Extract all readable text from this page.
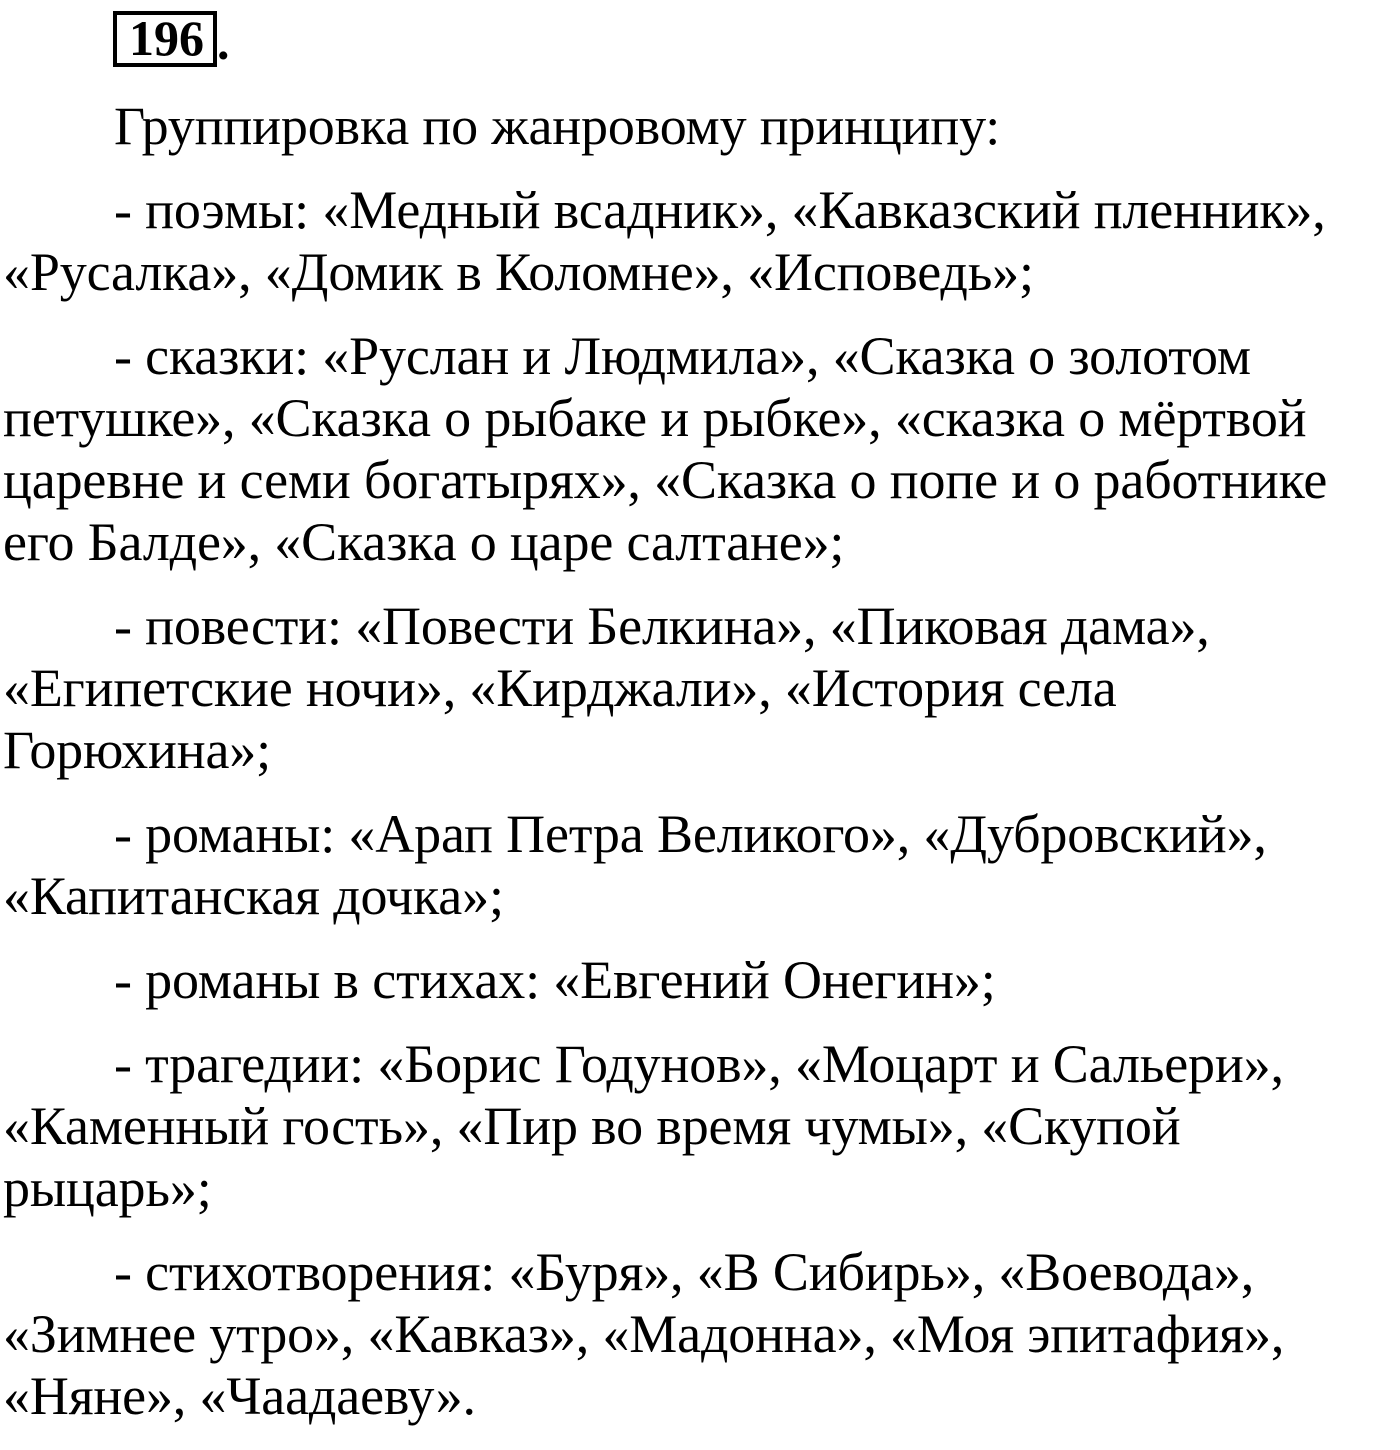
196 .

Группировка по жанровому принципу:

- поэмы: «Медный всадник», «Кавказский пленник»,
«Русалка», «Домик в Коломне», «Исповедь»;
- сказки: «Руслан и Людмила», «Сказка о золотом
петушке», «Сказка о рыбаке и рыбке», «сказка о мёртвой
царевне и семи богатырях», «Сказка о попе и о работнике
его Балде», «Сказка о царе салтане»;
- повести: «Повести Белкина», «Пиковая дама»,
«Египетские ночи», «Кирджали», «История села
Горюхина»;
- романы: «Арап Петра Великого», «Дубровский»,
«Капитанская дочка»;
- романы в стихах: «Евгений Онегин»;
- трагедии: «Борис Годунов», «Моцарт и Сальери»,
«Каменный гость», «Пир во время чумы», «Скупой
рыцарь»;
- стихотворения: «Буря», «В Сибирь», «Воевода»,
«Зимнее утро», «Кавказ», «Мадонна», «Моя эпитафия»,
«Няне», «Чаадаеву».
